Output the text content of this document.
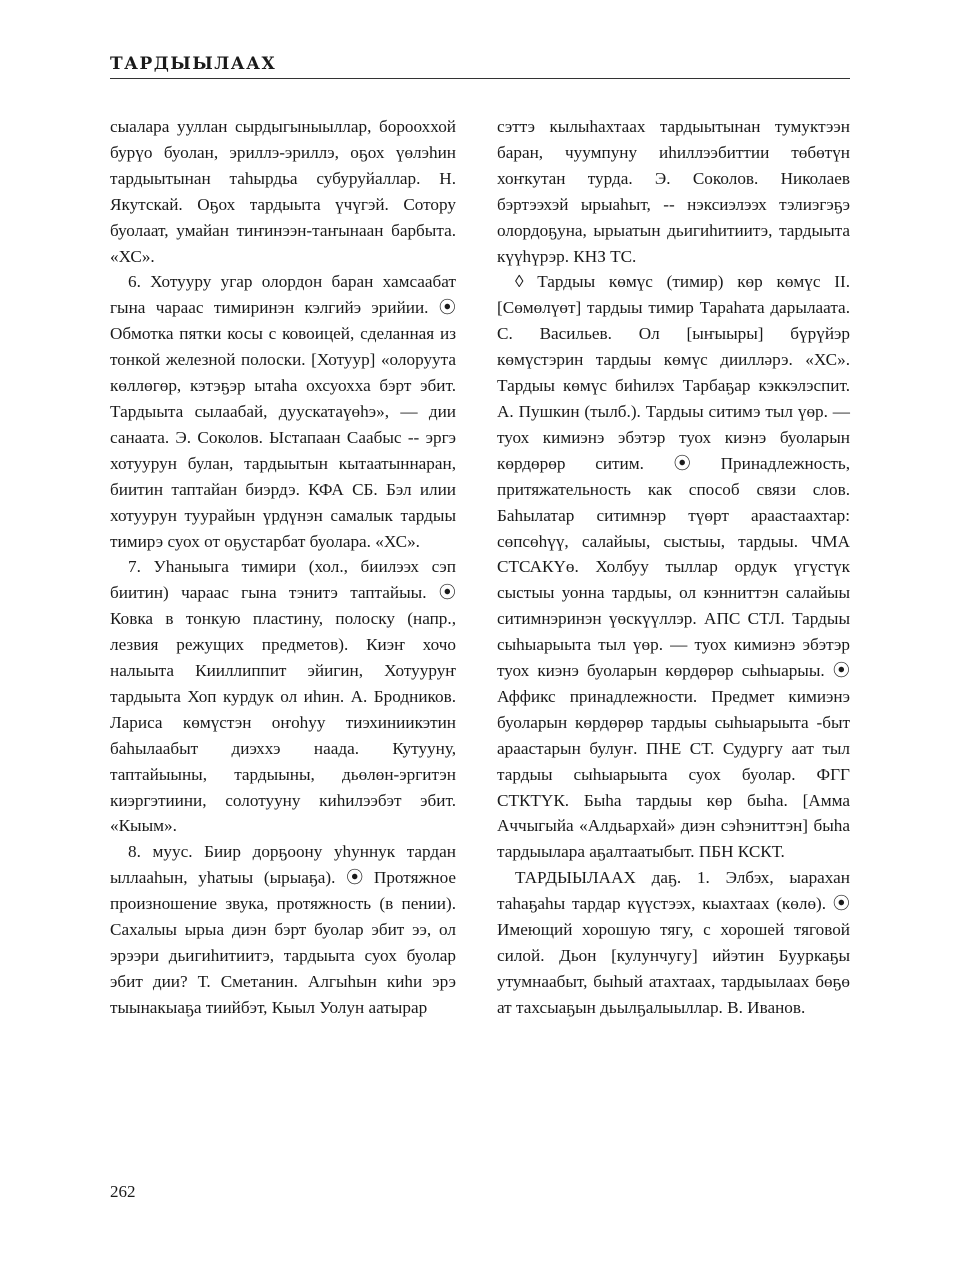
ТАРДЫЫЛААХ

сыалара ууллан сырдыгыныыллар, борооххой бурүо буолан, эриллэ-эриллэ, оҕох үөлэһин тардыытынан таһырдьа субуруйаллар. Н. Якутскай. Оҕох тардыыта үчүгэй. Сотору буолаат, умайан тиҥинээн-таҥынаан барбыта. «ХС».

6. Хотууру угар олордон баран хамсаабат гына чараас тимиринэн кэлгийэ эрийии. ⦿ Обмотка пятки косы с ковоицей, сделанная из тонкой железной полоски. [Хотуур] «олоруута көллөгөр, кэтэҕэр ытаһа охсуохха бэрт эбит. Тардыыта сылаабай, дуускатаүөһэ», — дии санаата. Э. Соколов. Ыстапаан Саабыс -- эргэ хотуурун булан, тардыытын кытаатыннаран, биитин таптайан биэрдэ. КФА СБ. Бэл илии хотуурун туурайын үрдүнэн самалык тардыы тимирэ суох от оҕустарбат буолара. «ХС».

7. Уһаныыга тимири (хол., биилээх сэп биитин) чараас гына тэнитэ таптайыы. ⦿ Ковка в тонкую пластину, полоску (напр., лезвия режущих предметов). Киэҥ хочо налыыта Кииллиппит эйигин, Хотууруҥ тардыыта Хоп курдук ол иһин. А. Бродников. Лариса көмүстэн оҥоһуу тиэхиниикэтин баһылаабыт диэххэ наада. Кутууну, таптайыыны, тардыыны, дьөлөн-эргитэн киэргэтиини, солотууну киһилээбэт эбит. «Кыым».

8. муус. Биир дорҕоону уһуннук тардан ыллааһын, уһатыы (ырыаҕа). ⦿ Протяжное произношение звука, протяжность (в пении). Сахалыы ырыа диэн бэрт буолар эбит ээ, ол эрээри дьигиһитиитэ, тардыыта суох буолар эбит дии? Т. Сметанин. Алгыһын киһи эрэ тыынакыаҕа тиийбэт, Кыыл Уолун аатырар

сэттэ кылыһахтаах тардыытынан тумуктээн баран, чуумпуну иһиллээбиттии төбөтүн хоҥкутан турда. Э. Соколов. Николаев бэртээхэй ырыаһыт, -- нэксиэлээх тэлиэгэҕэ олордоҕуна, ырыатын дьигиһитиитэ, тардыыта күүһүрэр. КНЗ ТС.

◊ Тардыы көмүс (тимир) көр көмүс II. [Сөмөлүөт] тардыы тимир Тараһата дарылаата. С. Васильев. Ол [ыҥыыры] бүрүйэр көмүстэрин тардыы көмүс диилләрэ. «ХС». Тардыы көмүс биһилэх Тарбаҕар кэккэлэспит. А. Пушкин (тылб.). Тардыы ситимэ тыл үөр. — туох кимиэнэ эбэтэр туох киэнэ буоларын көрдөрөр ситим. ⦿ Принадлежность, притяжательность как способ связи слов. Баһылатар ситимнэр түөрт араастаахтар: сөпсөһүү, салайыы, сыстыы, тардыы. ЧМА СТСАКҮө. Холбуу тыллар ордук үгүстүк сыстыы уонна тардыы, ол кэнниттэн салайыы ситимнэринэн үөскүүллэр. АПС СТЛ. Тардыы сыһыарыыта тыл үөр. — туох кимиэнэ эбэтэр туох киэнэ буоларын көрдөрөр сыһыарыы. ⦿ Аффикс принадлежности. Предмет кимиэнэ буоларын көрдөрөр тардыы сыһыарыыта -быт араастарын булуҥ. ПНЕ СТ. Судургу аат тыл тардыы сыһыарыыта суох буолар. ФГГ СТКТҮК. Быһа тардыы көр быһа. [Амма Аччыгыйа «Алдьархай» диэн сэһэниттэн] быһа тардыылара аҕалтаатыбыт. ПБН КСКТ.

ТАРДЫЫЛААХ даҕ. 1. Элбэх, ыарахан таһаҕаһы тардар күүстээх, кыахтаах (көлө). ⦿ Имеющий хорошую тягу, с хорошей тяговой силой. Дьон [кулунчугу] ийэтин Бууркаҕы утумнаабыт, быһый атахтаах, тардыылаах бөҕө ат тахсыаҕын дьылҕалыыллар. В. Иванов.

262
